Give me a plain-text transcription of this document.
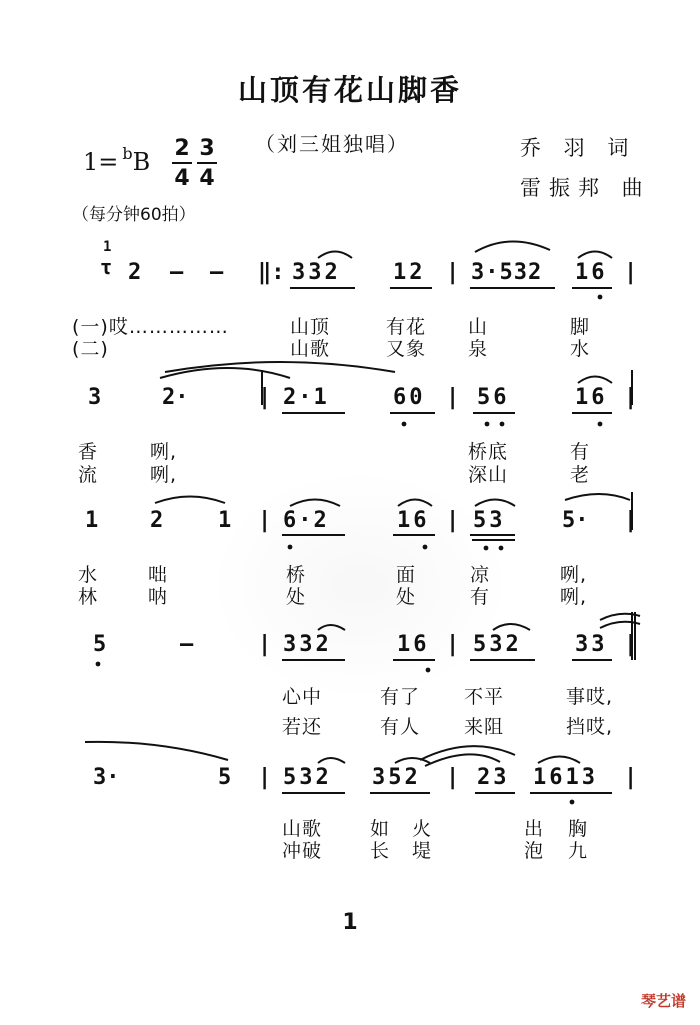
山顶有花山脚香
（刘三姐独唱）	乔 羽 词
雷振邦 曲
1= $^b$B 2
4
3
4
（每分钟60拍）
1
τ 2 — — ‖: 332 12 | 3·532 16 |
(一)哎……………	山顶	有花 山	脚
(二)	山歌	又象 泉	水
3	2·	| 2·1	60 | 56	16 |
香	咧,	桥底	有
流	咧,	深山	老
1 2 1 | 6·2	16 | 53	5· |
水	咄	桥	面	凉	咧,
林	呐	处	处	有	咧,
5	—	| 332	16 | 532 33 |
心中	有了 不平	事哎,
若还	有人 来阻	挡哎,
3·	5 | 532 352 | 23 1613 |
山歌	如 火	出 胸
冲破	长 堤	泡 九
1
琴艺谱
